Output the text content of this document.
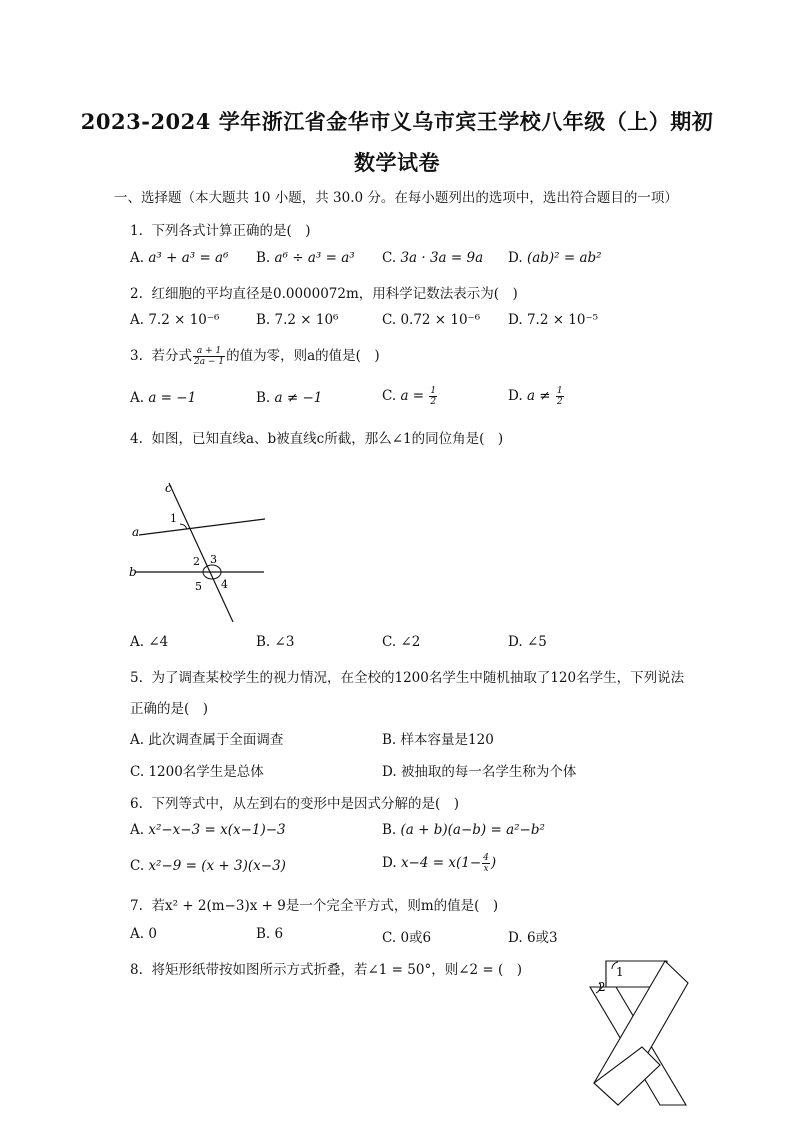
2023-2024 学年浙江省金华市义乌市宾王学校八年级（上）期初
数学试卷
一、选择题（本大题共 10 小题，共 30.0 分。在每小题列出的选项中，选出符合题目的一项）
1. 下列各式计算正确的是(　)
A. a³ + a³ = a⁶ B. a⁶ ÷ a³ = a³ C. 3a · 3a = 9a D. (ab)² = ab²
2. 红细胞的平均直径是0.0000072m，用科学记数法表示为(　)
A. 7.2 × 10⁻⁶	B. 7.2 × 10⁶	C. 0.72 × 10⁻⁶ D. 7.2 × 10⁻⁵
3. 若分式 $\frac{a + 1}{2a - 1}$ 的值为零，则a的值是(　)
A. a = −1	B. a ≠ −1	C. $a = \frac{1}{2}$	D. $a \ne \frac{1}{2}$
4. 如图，已知直线a、b被直线c所截，那么∠1的同位角是(　)
c
a
b
1
2 3
4
5
A. ∠4	B. ∠3	C. ∠2	D. ∠5
5. 为了调查某校学生的视力情况，在全校的1200名学生中随机抽取了120名学生，下列说法
正确的是(　)
A. 此次调查属于全面调查	B. 样本容量是120
C. 1200名学生是总体	D. 被抽取的每一名学生称为个体
6. 下列等式中，从左到右的变形中是因式分解的是(　)
A. x²−x−3 = x(x−1)−3	B. (a + b)(a−b) = a²−b²
C. x²−9 = (x + 3)(x−3)	D. $x-4 = x(1- \frac{4}{x}$ )
7. 若x² + 2(m−3)x + 9是一个完全平方式，则m的值是(　)
A. 0	B. 6	C. 0或6	D. 6或3
8. 将矩形纸带按如图所示方式折叠，若∠1 = 50°，则∠2 = (　)	1
2
